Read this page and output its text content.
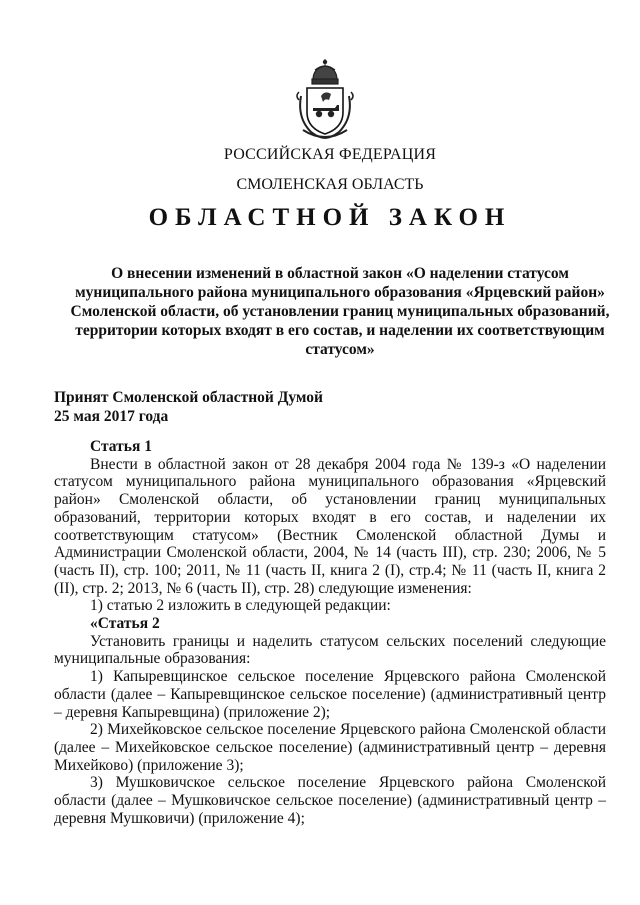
РОССИЙСКАЯ ФЕДЕРАЦИЯ
СМОЛЕНСКАЯ ОБЛАСТЬ
ОБЛАСТНОЙ ЗАКОН
О внесении изменений в областной закон «О наделении статусом муниципального района муниципального образования «Ярцевский район» Смоленской области, об установлении границ муниципальных образований, территории которых входят в его состав, и наделении их соответствующим статусом»
Принят Смоленской областной Думой
25 мая 2017 года

Статья 1

Внести в областной закон от 28 декабря 2004 года № 139-з «О наделении статусом муниципального района муниципального образования «Ярцевский район» Смоленской области, об установлении границ муниципальных образований, территории которых входят в его состав, и наделении их соответствующим статусом» (Вестник Смоленской областной Думы и Администрации Смоленской области, 2004, № 14 (часть III), стр. 230; 2006, № 5 (часть II), стр. 100; 2011, № 11 (часть II, книга 2 (I), стр.4; № 11 (часть II, книга 2 (II), стр. 2; 2013, № 6 (часть II), стр. 28) следующие изменения:

1) статью 2 изложить в следующей редакции:

«Статья 2

Установить границы и наделить статусом сельских поселений следующие муниципальные образования:

1) Капыревщинское сельское поселение Ярцевского района Смоленской области (далее – Капыревщинское сельское поселение) (административный центр – деревня Капыревщина) (приложение 2);

2) Михейковское сельское поселение Ярцевского района Смоленской области (далее – Михейковское сельское поселение) (административный центр – деревня Михейково) (приложение 3);

3) Мушковичское сельское поселение Ярцевского района Смоленской области (далее – Мушковичское сельское поселение) (административный центр – деревня Мушковичи) (приложение 4);
